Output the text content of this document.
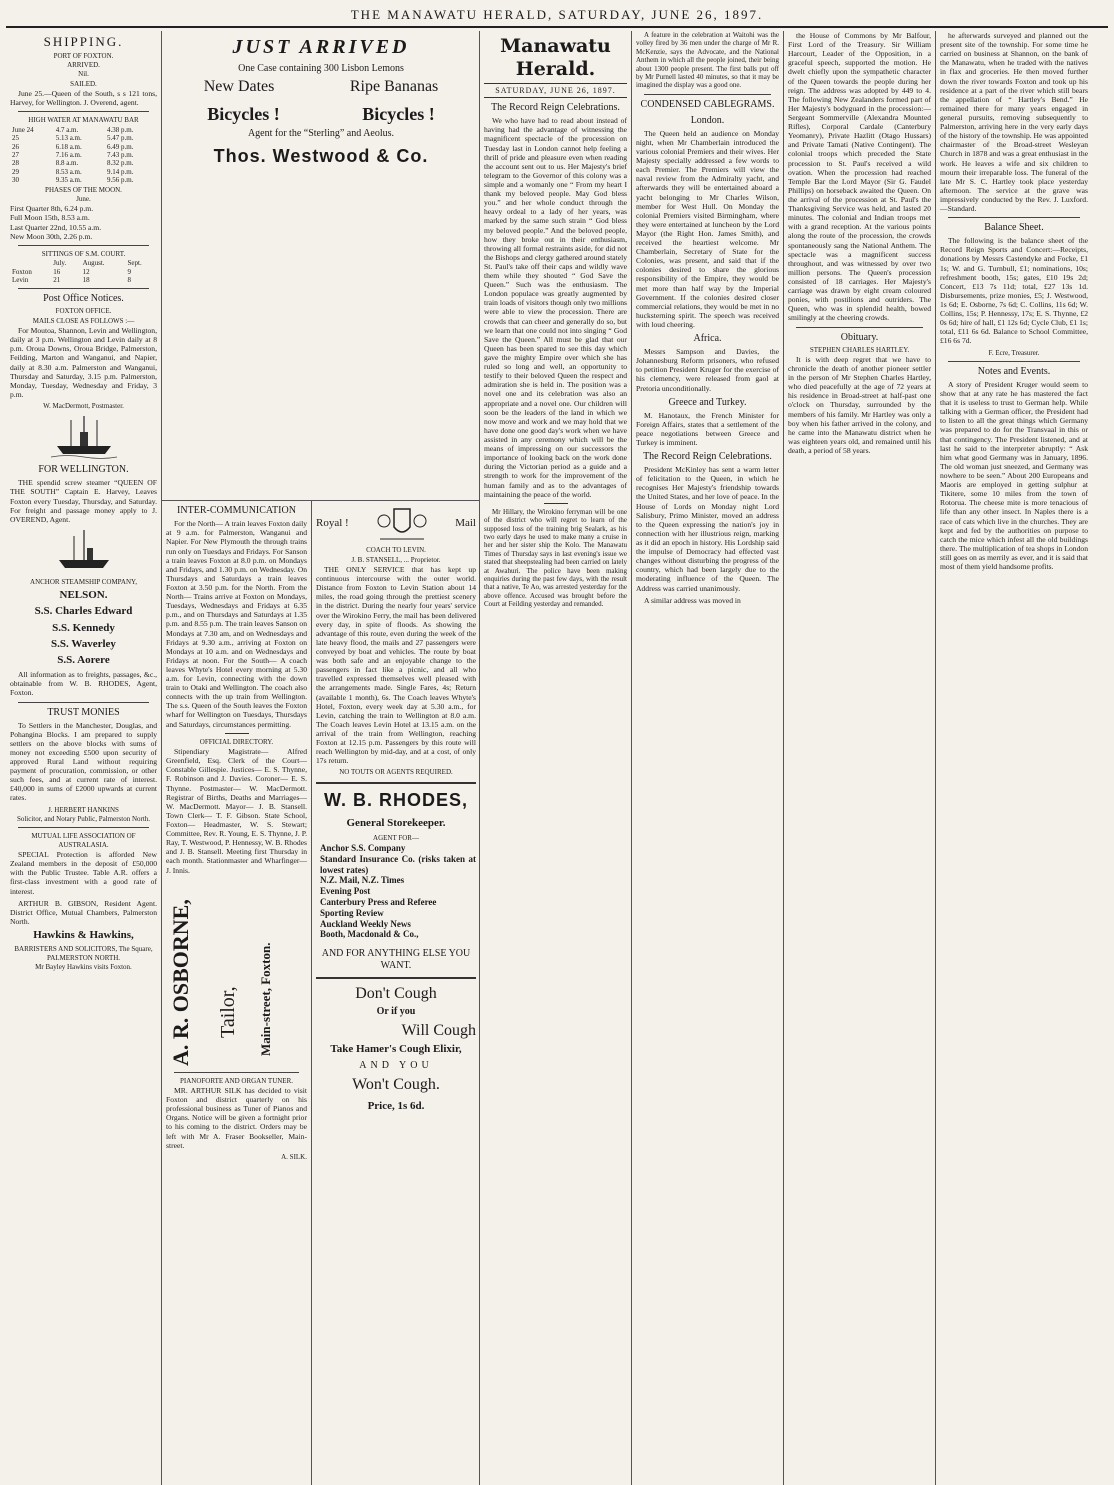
THE MANAWATU HERALD, SATURDAY, JUNE 26, 1897.
SHIPPING.
PORT OF FOXTON.
ARRIVED.
Nil.
SAILED.

June 25.—Queen of the South, s s 121 tons, Harvey, for Wellington. J. Overend, agent.

HIGH WATER AT MANAWATU BAR
June 24	4.7 a.m.	4.38 p.m.
25	5.13 a.m.	5.47 p.m.
26	6.18 a.m.	6.49 p.m.
27	7.16 a.m.	7.43 p.m.
28	8.8 a.m.	8.32 p.m.
29	8.53 a.m.	9.14 p.m.
30	9.35 a.m.	9.56 p.m.
PHASES OF THE MOON.
June.
First Quarter 8th, 6.24 p.m.
Full Moon 15th, 8.53 a.m.
Last Quarter 22nd, 10.55 a.m.
New Moon 30th, 2.26 p.m.
SITTINGS OF S.M. COURT.
	July.	August.	Sept.
Foxton	16	12	9
Levin	21	18	8
Post Office Notices.
FOXTON OFFICE.
MAILS CLOSE AS FOLLOWS :—

For Moutoa, Shannon, Levin and Wellington, daily at 3 p.m. Wellington and Levin daily at 8 p.m. Oroua Downs, Oroua Bridge, Palmerston, Feilding, Marton and Wanganui, and Napier, daily at 8.30 a.m. Palmerston and Wanganui, Thursday and Saturday, 3.15 p.m. Palmerston, Monday, Tuesday, Wednesday and Friday, 3 p.m.

W. MacDermott, Postmaster.
FOR WELLINGTON.

THE spendid screw steamer “QUEEN OF THE SOUTH” Captain E. Harvey, Leaves Foxton every Tuesday, Thursday, and Saturday. For freight and passage money apply to J. OVEREND, Agent.

ANCHOR STEAMSHIP COMPANY,
NELSON.
S.S. Charles Edward
S.S. Kennedy
S.S. Waverley
S.S. Aorere

All information as to freights, passages, &c., obtainable from W. B. RHODES, Agent, Foxton.

TRUST MONIES

To Settlers in the Manchester, Douglas, and Pohangina Blocks. I am prepared to supply settlers on the above blocks with sums of money not exceeding £500 upon security of approved Rural Land without requiring payment of procuration, commission, or other such fees, and at current rate of interest. £40,000 in sums of £2000 upwards at current rates.

J. HERBERT HANKINS
Solicitor, and Notary Public, Palmerston North.
MUTUAL LIFE ASSOCIATION OF AUSTRALASIA.

SPECIAL Protection is afforded New Zealand members in the deposit of £50,000 with the Public Trustee. Table A.R. offers a first-class investment with a good rate of interest.

ARTHUR B. GIBSON, Resident Agent. District Office, Mutual Chambers, Palmerston North.

Hawkins & Hawkins,
BARRISTERS AND SOLICITORS, The Square, PALMERSTON NORTH.
Mr Bayley Hawkins visits Foxton.
JUST ARRIVED
One Case containing 300 Lisbon Lemons
New Dates	Ripe Bananas
Bicycles !	Bicycles !
Agent for the “Sterling” and Aeolus.
Thos. Westwood & Co.
INTER-COMMUNICATION

For the North— A train leaves Foxton daily at 9 a.m. for Palmerston, Wanganui and Napier. For New Plymouth the through trains run only on Tuesdays and Fridays. For Sanson a train leaves Foxton at 8.0 p.m. on Mondays and Fridays, and 1.30 p.m. on Wednesday. On Thursdays and Saturdays a train leaves Foxton at 3.50 p.m. for the North. From the North— Trains arrive at Foxton on Mondays, Tuesdays, Wednesdays and Fridays at 6.35 p.m., and on Thursdays and Saturdays at 1.35 p.m. and 8.55 p.m. The train leaves Sanson on Mondays at 7.30 am, and on Wednesdays and Fridays at 9.30 a.m., arriving at Foxton on Mondays at 10 a.m. and on Wednesdays and Fridays at noon. For the South— A coach leaves Whyte's Hotel every morning at 5.30 a.m. for Levin, connecting with the down train to Otaki and Wellington. The coach also connects with the up train from Wellington. The s.s. Queen of the South leaves the Foxton wharf for Wellington on Tuesdays, Thursdays and Saturdays, circumstances permitting.

OFFICIAL DIRECTORY.

Stipendiary Magistrate— Alfred Greenfield, Esq. Clerk of the Court— Constable Gillespie. Justices— E. S. Thynne, F. Robinson and J. Davies. Coroner— E. S. Thynne. Postmaster— W. MacDermott. Registrar of Births, Deaths and Marriages— W. MacDermott. Mayor— J. B. Stansell. Town Clerk— T. F. Gibson. State School, Foxton— Headmaster, W. S. Stewart; Committee, Rev. R. Young, E. S. Thynne, J. P. Ray, T. Westwood, P. Hennessy, W. B. Rhodes and J. B. Stansell. Meeting first Thursday in each month. Stationmaster and Wharfinger— J. Innis.

A. R. OSBORNE, Tailor, Main-street, Foxton.
PIANOFORTE AND ORGAN TUNER.

MR. ARTHUR SILK has decided to visit Foxton and district quarterly on his professional business as Tuner of Pianos and Organs. Notice will be given a fortnight prior to his coming to the district. Orders may be left with Mr A. Fraser Bookseller, Main-street.

A. SILK.
Royal !	Mail
COACH TO LEVIN.
J. B. STANSELL, ... Proprietor.

THE ONLY SERVICE that has kept up continuous intercourse with the outer world. Distance from Foxton to Levin Station about 14 miles, the road going through the prettiest scenery in the district. During the nearly four years' service over the Wirokino Ferry, the mail has been delivered every day, in spite of floods. As showing the advantage of this route, even during the week of the late heavy flood, the mails and 27 passengers were conveyed by boat and vehicles. The route by boat was both safe and an enjoyable change to the passengers in fact like a picnic, and all who travelled expressed themselves well pleased with the arrangements made. Single Fares, 4s; Return (available 1 month), 6s. The Coach leaves Whyte's Hotel, Foxton, every week day at 5.30 a.m., for Levin, catching the train to Wellington at 8.0 a.m. The Coach leaves Levin Hotel at 13.15 a.m. on the arrival of the train from Wellington, reaching Foxton at 12.15 p.m. Passengers by this route will reach Wellington by mid-day, and at a cost, of only 17s return.

NO TOUTS OR AGENTS REQUIRED.
W. B. RHODES,
General Storekeeper.
AGENT FOR—
Anchor S.S. Company
Standard Insurance Co. (risks taken at lowest rates)
N.Z. Mail, N.Z. Times
Evening Post
Canterbury Press and Referee
Sporting Review
Auckland Weekly News
Booth, Macdonald & Co.,
AND FOR ANYTHING ELSE YOU WANT.
Don't Cough
Or if you
Will Cough
Take Hamer's Cough Elixir,
AND YOU
Won't Cough.
Price, 1s 6d.
Manawatu Herald.
SATURDAY, JUNE 26, 1897.
The Record Reign Celebrations.

We who have had to read about instead of having had the advantage of witnessing the magnificent spectacle of the procession on Tuesday last in London cannot help feeling a thrill of pride and pleasure even when reading the account sent out to us. Her Majesty's brief telegram to the Governor of this colony was a simple and a womanly one “ From my heart I thank my beloved people. May God bless you.” and her whole conduct through the heavy ordeal to a lady of her years, was marked by the same such strain “ God bless my beloved people.” And the beloved people, how they broke out in their enthusiasm, throwing all formal restraints aside, for did not the Bishops and clergy gathered around stately St. Paul's take off their caps and wildly wave them while they shouted “ God Save the Queen.” Such was the enthusiasm. The London populace was greatly augmented by train loads of visitors though only two millions were able to view the procession. There are crowds that can cheer and generally do so, but we learn that one could not into singing “ God Save the Queen.” All must be glad that our Queen has been spared to see this day which gave the mighty Empire over which she has ruled so long and well, an opportunity to testify to their beloved Queen the respect and admiration she is held in. The position was a novel one and its celebration was also an appropriate and a novel one. Our children will soon be the leaders of the land in which we now move and work and we may hold that we have done one good day's work when we have assisted in any ceremony which will be the means of impressing on our successors the importance of looking back on the work done during the Victorian period as a guide and a strength to work for the improvement of the human family and as to the advantages of maintaining the peace of the world.

Mr Hillary, the Wirokino ferryman will be one of the district who will regret to learn of the supposed loss of the training brig Sealark, as his two early days he used to make many a cruise in her and her sister ship the Kolo. The Manawatu Times of Thursday says in last evening's issue we stated that sheepstealing had been carried on lately at Awahuri. The police have been making enquiries during the past few days, with the result that a native, Te Ao, was arrested yesterday for the above offence. Accused was brought before the Court at Feilding yesterday and remanded.

A feature in the celebration at Waitohi was the volley fired by 36 men under the charge of Mr R. McKenzie, says the Advocate, and the National Anthem in which all the people joined, their being about 1300 people present. The first balls put off by Mr Purnell lasted 40 minutes, so that it may be imagined the display was a good one.

CONDENSED CABLEGRAMS.
London.

The Queen held an audience on Monday night, when Mr Chamberlain introduced the various colonial Premiers and their wives. Her Majesty specially addressed a few words to each Premier. The Premiers will view the naval review from the Admiralty yacht, and afterwards they will be entertained aboard a yacht belonging to Mr Charles Wilson, member for West Hull. On Monday the colonial Premiers visited Birmingham, where they were entertained at luncheon by the Lord Mayor (the Right Hon. James Smith), and received the heartiest welcome. Mr Chamberlain, Secretary of State for the Colonies, was present, and said that if the colonies desired to share the glorious responsibility of the Empire, they would be met more than half way by the Imperial Government. If the colonies desired closer commercial relations, they would be met in no hucksterning spirit. The speech was received with loud cheering.

Africa.

Messrs Sampson and Davies, the Johannesburg Reform prisoners, who refused to petition President Kruger for the exercise of his clemency, were released from gaol at Pretoria unconditionally.

Greece and Turkey.

M. Hanotaux, the French Minister for Foreign Affairs, states that a settlement of the peace negotiations between Greece and Turkey is imminent.

The Record Reign Celebrations.

President McKinley has sent a warm letter of felicitation to the Queen, in which he recognises Her Majesty's friendship towards the United States, and her love of peace. In the House of Lords on Monday night Lord Salisbury, Primo Minister, moved an address to the Queen expressing the nation's joy in connection with her illustrious reign, marking as it did an epoch in history. His Lordship said the impulse of Democracy had effected vast changes without disturbing the progress of the country, which had been largely due to the moderating influence of the Queen. The Address was carried unanimously.

A similar address was moved in

the House of Commons by Mr Balfour, First Lord of the Treasury. Sir William Harcourt, Leader of the Opposition, in a graceful speech, supported the motion. He dwelt chiefly upon the sympathetic character of the Queen towards the people during her reign. The address was adopted by 449 to 4. The following New Zealanders formed part of Her Majesty's bodyguard in the procession:—Sergeant Sommerville (Alexandra Mounted Rifles), Corporal Cardale (Canterbury Yeomanry), Private Hazlitt (Otago Hussars) and Private Tamati (Native Contingent). The colonial troops which preceded the State procession to St. Paul's received a wild ovation. When the procession had reached Temple Bar the Lord Mayor (Sir G. Faudel Phillips) on horseback awaited the Queen. On the arrival of the procession at St. Paul's the Thanksgiving Service was held, and lasted 20 minutes. The colonial and Indian troops met with a grand reception. At the various points along the route of the procession, the crowds spontaneously sang the National Anthem. The spectacle was a magnificent success throughout, and was witnessed by over two million persons. The Queen's procession consisted of 18 carriages. Her Majesty's carriage was drawn by eight cream coloured ponies, with postilions and outriders. The Queen, who was in splendid health, bowed smilingly at the cheering crowds.

Obituary.
STEPHEN CHARLES HARTLEY.

It is with deep regret that we have to chronicle the death of another pioneer settler in the person of Mr Stephen Charles Hartley, who died peacefully at the age of 72 years at his residence in Broad-street at half-past one o'clock on Thursday, surrounded by the members of his family. Mr Hartley was only a boy when his father arrived in the colony, and he came into the Manawatu district when he was eighteen years old, and remained until his death, a period of 58 years.

he afterwards surveyed and planned out the present site of the township. For some time he carried on business at Shannon, on the bank of the Manawatu, when he traded with the natives in flax and groceries. He then moved further down the river towards Foxton and took up his residence at a part of the river which still bears the appellation of “ Hartley's Bend.” He remained there for many years engaged in general pursuits, removing subsequently to Palmerston, arriving here in the very early days of the history of the township. He was appointed chairmaster of the Broad-street Wesleyan Church in 1878 and was a great enthusiast in the work. He leaves a wife and six children to mourn their irreparable loss. The funeral of the late Mr S. C. Hartley took place yesterday afternoon. The service at the grave was impressively conducted by the Rev. J. Luxford.—Standard.

Balance Sheet.

The following is the balance sheet of the Record Reign Sports and Concert:—Receipts, donations by Messrs Castendyke and Focke, £1 1s; W. and G. Turnbull, £1; nominations, 10s; refreshment booth, 15s; gates, £10 19s 2d; Concert, £13 7s 11d; total, £27 13s 1d. Disbursements, prize monies, £5; J. Westwood, 1s 6d; E. Osborne, 7s 6d; C. Collins, 11s 6d; W. Collins, 15s; P. Hennessy, 17s; E. S. Thynne, £2 0s 6d; hire of hall, £1 12s 6d; Cycle Club, £1 1s; total, £11 6s 6d. Balance to School Committee, £16 6s 7d.

F. Ecre, Treasurer.
Notes and Events.

A story of President Kruger would seem to show that at any rate he has mastered the fact that it is useless to trust to German help. While talking with a German officer, the President had to listen to all the great things which Germany was prepared to do for the Transvaal in this or that contingency. The President listened, and at last he said to the interpreter abruptly: “ Ask him what good Germany was in January, 1896. The old woman just sneezed, and Germany was nowhere to be seen.” About 200 Europeans and Maoris are employed in getting sulphur at Tikitere, some 10 miles from the town of Rotorua. The cheese mite is more tenacious of life than any other insect. In Naples there is a race of cats which live in the churches. They are kept and fed by the authorities on purpose to catch the mice which infest all the old buildings there. The multiplication of tea shops in London still goes on as merrily as ever, and it is said that most of them yield handsome profits.
